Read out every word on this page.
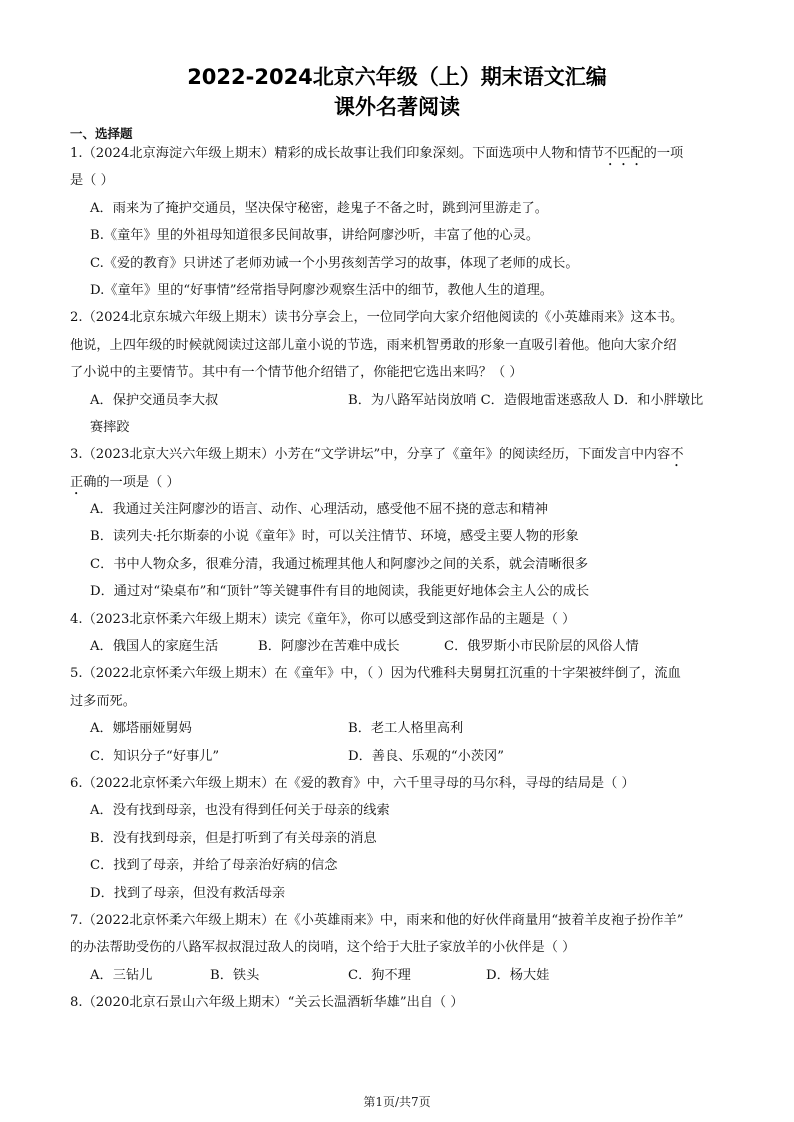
2022-2024北京六年级（上）期末语文汇编
课外名著阅读
一、选择题
1.（2024北京海淀六年级上期末）精彩的成长故事让我们印象深刻。下面选项中人物和情节不匹配的一项
是（ ）
A．雨来为了掩护交通员，坚决保守秘密，趁鬼子不备之时，跳到河里游走了。
B.《童年》里的外祖母知道很多民间故事，讲给阿廖沙听，丰富了他的心灵。
C.《爱的教育》只讲述了老师劝诫一个小男孩刻苦学习的故事，体现了老师的成长。
D.《童年》里的“好事情”经常指导阿廖沙观察生活中的细节，教他人生的道理。
2.（2024北京东城六年级上期末）读书分享会上，一位同学向大家介绍他阅读的《小英雄雨来》这本书。
他说，上四年级的时候就阅读过这部儿童小说的节选，雨来机智勇敢的形象一直吸引着他。他向大家介绍
了小说中的主要情节。其中有一个情节他介绍错了，你能把它选出来吗？（ ）
A．保护交通员李大叔	B．为八路军站岗放哨 C．造假地雷迷惑敌人 D．和小胖墩比
赛摔跤
3.（2023北京大兴六年级上期末）小芳在“文学讲坛”中，分享了《童年》的阅读经历，下面发言中内容不
正确的一项是（ ）
A．我通过关注阿廖沙的语言、动作、心理活动，感受他不屈不挠的意志和精神
B．读列夫·托尔斯泰的小说《童年》时，可以关注情节、环境，感受主要人物的形象
C．书中人物众多，很难分清，我通过梳理其他人和阿廖沙之间的关系，就会清晰很多
D．通过对“染桌布”和“顶针”等关键事件有目的地阅读，我能更好地体会主人公的成长
4.（2023北京怀柔六年级上期末）读完《童年》，你可以感受到这部作品的主题是（ ）
A．俄国人的家庭生活	B．阿廖沙在苦难中成长	C．俄罗斯小市民阶层的风俗人情
5.（2022北京怀柔六年级上期末）在《童年》中，（ ）因为代雅科夫舅舅扛沉重的十字架被绊倒了，流血
过多而死。
A．娜塔丽娅舅妈	B．老工人格里高利
C．知识分子“好事儿”	D．善良、乐观的“小茨冈”
6.（2022北京怀柔六年级上期末）在《爱的教育》中，六千里寻母的马尔科，寻母的结局是（ ）
A．没有找到母亲，也没有得到任何关于母亲的线索
B．没有找到母亲，但是打听到了有关母亲的消息
C．找到了母亲，并给了母亲治好病的信念
D．找到了母亲，但没有救活母亲
7.（2022北京怀柔六年级上期末）在《小英雄雨来》中，雨来和他的好伙伴商量用“披着羊皮袍子扮作羊”
的办法帮助受伤的八路军叔叔混过敌人的岗哨，这个给于大肚子家放羊的小伙伴是（ ）
A．三钻儿	B．铁头	C．狗不理	D．杨大娃
8.（2020北京石景山六年级上期末）“关云长温酒斩华雄”出自（ ）
第1页/共7页
